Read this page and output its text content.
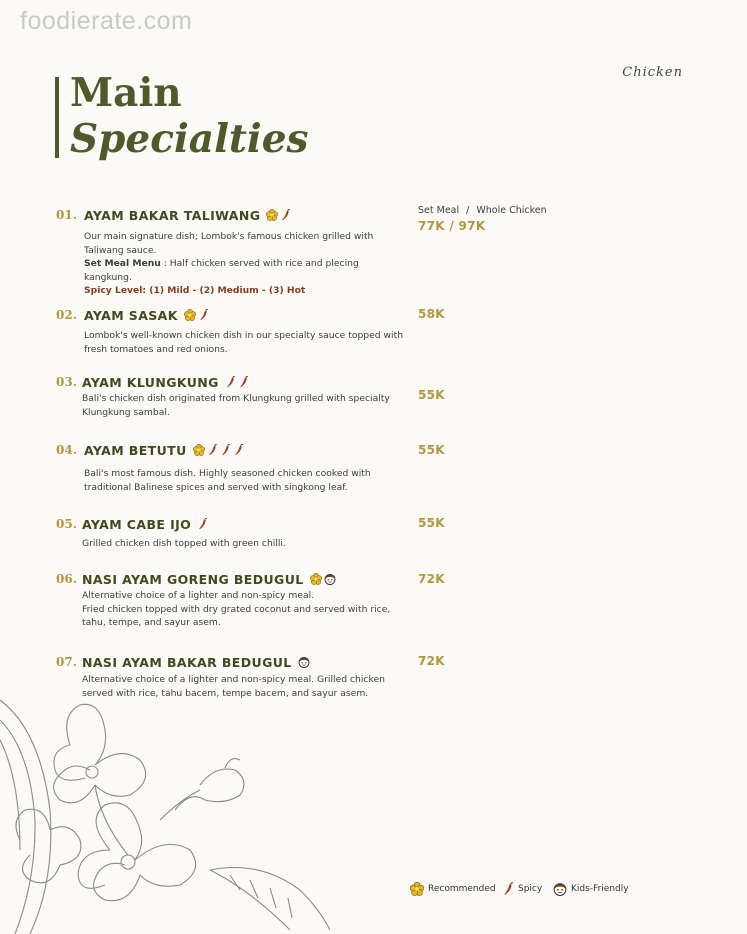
foodierate.com
Chicken
Main
Specialties
Set Meal / Whole Chicken
01. AYAM BAKAR TALIWANG
Our main signature dish; Lombok's famous chicken grilled with Taliwang sauce.
Set Meal Menu : Half chicken served with rice and plecing kangkung.
Spicy Level: (1) Mild - (2) Medium - (3) Hot
77K / 97K
02. AYAM SASAK
Lombok's well-known chicken dish in our specialty sauce topped with fresh tomatoes and red onions.
58K
03. AYAM KLUNGKUNG
Bali's chicken dish originated from Klungkung grilled with specialty Klungkung sambal.
55K
04. AYAM BETUTU
Bali's most famous dish. Highly seasoned chicken cooked with traditional Balinese spices and served with singkong leaf.
55K
05. AYAM CABE IJO
Grilled chicken dish topped with green chilli.
55K
06. NASI AYAM GORENG BEDUGUL
Alternative choice of a lighter and non-spicy meal.
Fried chicken topped with dry grated coconut and served with rice, tahu, tempe, and sayur asem.
72K
07. NASI AYAM BAKAR BEDUGUL
Alternative choice of a lighter and non-spicy meal. Grilled chicken served with rice, tahu bacem, tempe bacem, and sayur asem.
72K
Recommended Spicy	Kids-Friendly
